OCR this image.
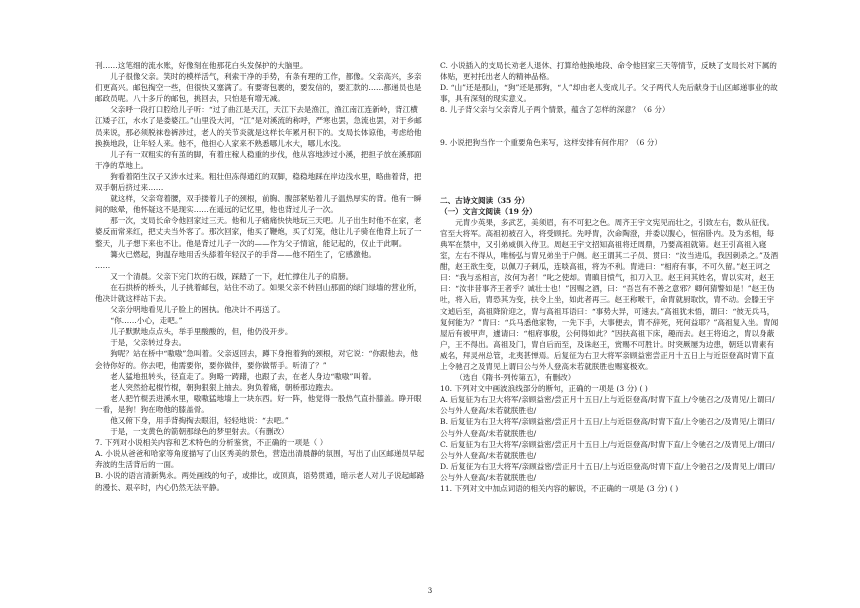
刊……这笔细的流水账，好像刻在他那花白头发保护的大脑里。

儿子很像父亲。笑时的模样活气，利索干净的手势，有条有理的工作，都像。父亲高兴，多亲们更高兴。邮包掏空一些，但很快又塞满了。有要寄包裹的，要发信的，要汇款的……都递员也是邮政员呢。八十多斤的邮包，挑回去，只怕是有增无减。

父亲呼一段打口腔给儿子听：“过了曲江是天江，天江下去是渔江，渔江南江连新岭，背江横江矮子江，水水了是娄婆江。”山里没大河，“江”是对溪流的称呼，严寒也罢，急流也罢，对于乡邮员来说，那必须脱袜卷裤涉过，老人的关节炎就是这样长年累月积下的。支局长体谅他，考虑给他换换地段，让年轻人来。他不，他担心人家来不熟悉哪儿水大，哪儿水浅。

儿子有一双粗实的有茧的脚，有着庄稼人稳重的步伐，他从容地涉过小溪，把担子放在溪那面干净的草地上。

狗看着陌生汉子又涉水过来。粗壮但冻得通红的双脚，稳稳地踩在岸边浅水里，略曲着背，把双手朝后挤过来……

就这样，父亲弯着腰，双手搂着儿子的颈根，前胸、腹部紧贴着儿子温热厚实的背。他有一瞬间的眩晕，他怀疑这不是现实……在遥远的记忆里，他也背过儿子一次。

那一次，支局长命令他回家过三天。他和儿子痛痛快快地玩三天吧。儿子出生时他不在家，老婆反而常来红，把丈夫当外客了。那次回家，他买了鞭炮，买了灯笼，他让儿子骑在他背上玩了一整天，儿子想下来也不让。他是背过儿子一次的——作为父子情谊，能记起的，仅止于此啊。

篝火已燃起，狗温存地用舌头舔着年轻汉子的手背——他不陌生了，它感激他。

……

又一个清晨。父亲下完门坎的石级，踩踏了一下，赶忙撑住儿子的肩膀。

在石拱桥的桥头，儿子挑着邮包，站住不动了。如果父亲不转回山那面的绿门绿墙的营业所，他决计就这样站下去。

父亲分明地看见儿子脸上的困执。他决计不再送了。

“你……小心，走吧。”

儿子默默地点点头，举手里酸酸的，但，他仍没开步。

于是，父亲转过身去。

狗呢？站在桥中“嗷嗷”急叫着。父亲返回去，蹲下身抱着狗的颈根，对它说：“你跟他去，他会待你好的。你去吧，他需要你，要你做伴，要你做帮手。听清了？”

老人猛地扭转头，径直走了。狗略一踌躇，也跟了去，在老人身边“嗷嗷”叫着。

老人突然拾起棍竹棍，朝狗狠狠上抽去。狗负着痛，朝桥那边跑去。

老人把竹棍丢进溪水里，嗷嗷猛地墙上一块东西。好一阵，他觉得一股热气直扑膝盖。睁开眼一看，是狗！狗在吻他的膝盖骨。

他又俯下身，用手背掏掏去眼泪，轻轻地说：“去吧。”

于是，一支黄色的箭朝那绿色的梦里射去。（有删改）

7. 下列对小说相关内容和艺术特色的分析鉴赏，不正确的一项是（ ）

A. 小说从爸爸和哈家等角度描写了山区秀美的景色，营造出清晨静的氛围，写出了山区邮递员早起奔波的生活背后的一面。

B. 小说的语言清新隽永。两处画线的句子，或排比，或顶真，语势贯通，暗示老人对儿子说起邮路的漫长、艰辛时，内心仍然无法平静。

C. 小说插入的支局长劝老人退休、打算给他换地段、命令他回家三天等情节，反映了支局长对下属的体贴，更衬托出老人的精神品格。

D. “山”还是那山，“狗”还是那狗，“人”却由老人变成儿子。父子两代人先后献身于山区邮递事业的故事，具有深刻的现实意义。

8. 儿子背父亲与父亲背儿子两个情景，蕴含了怎样的深意？（6 分）

9. 小说把狗当作一个重要角色来写，这样安排有何作用？（6 分）

二、古诗文阅读（35 分）

（一）文言文阅读（19 分）

元胄少英果，多武艺，美须眉，有不可犯之色。周齐王宇文宪见而壮之，引致左右，数从征伐。官至大将军。高祖初被召入，将受顾托。先呼胄，次命陶澄，并委以腹心，恒宿卧内。及为丞相，每典军在禁中，又引弟威俱入侍卫。周赵王宇文招知高祖将迁周鼎，乃要高祖就第。赵王引高祖入寝室，左右不得从，唯杨弘与胄兄弟坐于户侧。赵王谓其二子员、贯曰：“汝当进瓜，我因刺杀之。”及酒酣，赵王欲生变，以佩刀子刺瓜，连啖高祖，将为不利。胄进曰：“相府有事，不可久留。”赵王诃之曰：“我与丞相言，汝何为者！”叱之使却。胄瞋目愤气，扣刀入卫。赵王问其姓名，胄以实对，赵王曰：“汝非昔事齐王者乎？诚壮士也！”因赐之酒，曰：“吾岂有不善之意邪？卿何猜警如是！”赵王伪吐，将入后，胄恐其为变，扶令上坐，如此者再三。赵王称喉干，命胄就厨取饮，胄不动。会滕王宇文逌后至，高祖降阶迎之，胄与高祖耳语曰：“事势大异，可速去。”高祖犹未悟，谓曰：“彼无兵马，复何能为？”胄曰：“兵马悉他家物，一先下手，大事便去，胄不辞死，死何益耶？”高祖复入坐。胄闻屋后有被甲声，遽请曰：“相府事殷，公何得如此？”因扶高祖下床，趣而去。赵王将追之，胄以身蔽户，王不得出。高祖及门，胄自后而至，及诛赵王，赏赐不可胜计。时突厥屡为边患，朝廷以胄素有威名，拜灵州总管，北夷甚惮焉。后复征为右卫大将军亲顾益密尝正月十五日上与近臣登高时胄下直上令驰召之及胄见上谓曰公与外人登高未若就朕胜也赐宴极欢。

（选自《隋书·列传第五》，有删改）

10. 下列对文中画波浪线部分的断句，正确的一项是 (3 分) ( )

A. 后复征为右卫大将军/亲顾益密/尝正月十五日/上与近臣登高/时胄下直上/令驰召之/及胄见/上谓曰/公与外人登高/未若就朕胜也/

B. 后复征为右卫大将军/亲顾益密/尝正月十五日/上与近臣登高/时胄下直/上令驰召之/及胄见/上谓曰/公与外人登高/未若就朕胜也/

C. 后复征为右卫大将军/亲顾益密/尝正月十五日上/与近臣登高/时胄下直/上令驰召之/及胄见上/谓曰/公与外人登高/未若就朕胜也/

D. 后复征为右卫大将军/亲顾益密/尝正月十五日/上与近臣登高/时胄下直/上令驰召之/及胄见上/谓曰/公与外人登高/未若就朕胜也/

11. 下列对文中加点词语的相关内容的解说，不正确的一项是 (3 分) ( )

3
